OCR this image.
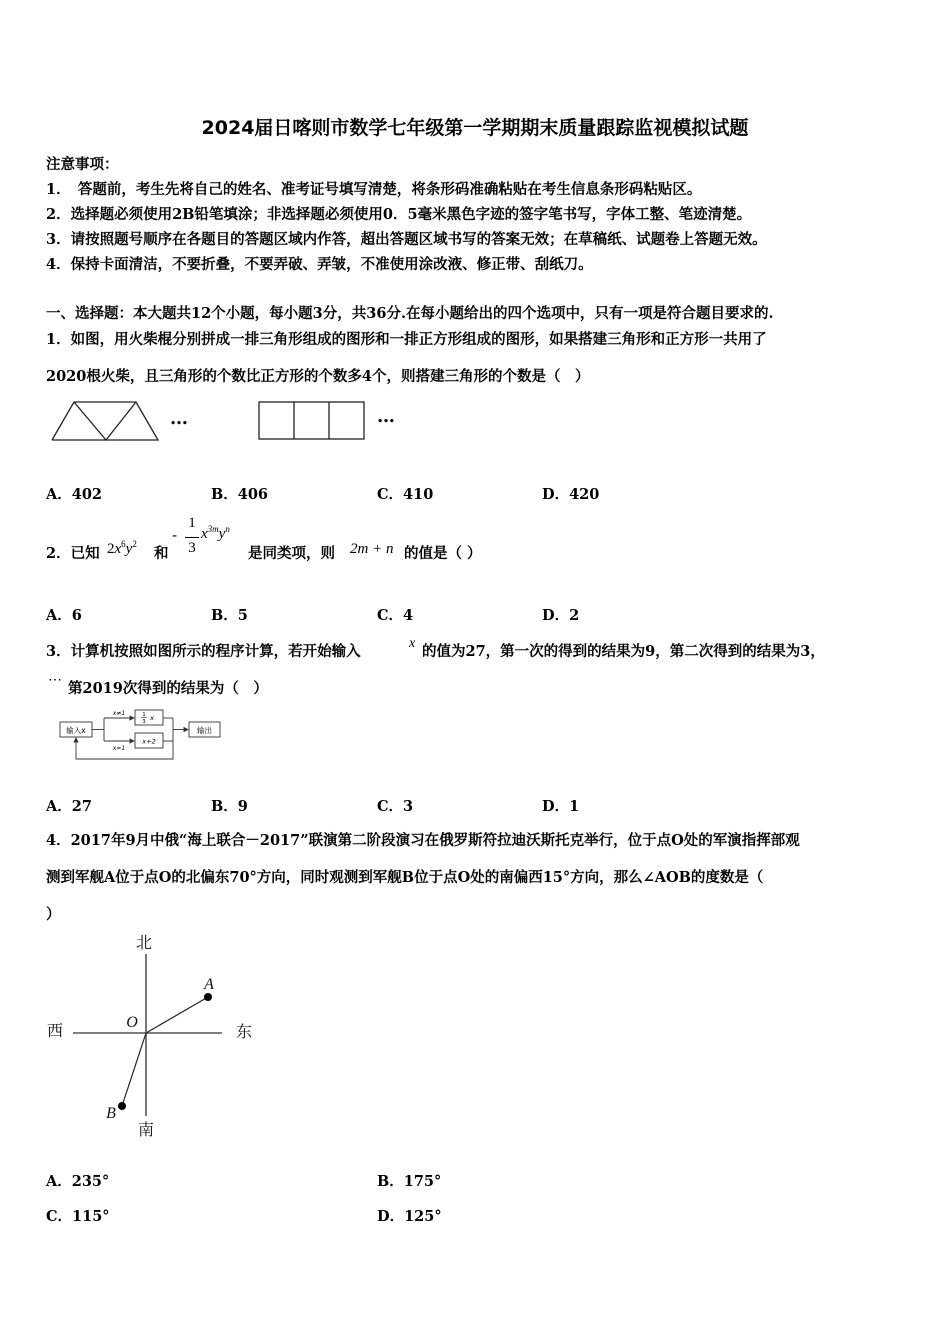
2024届日喀则市数学七年级第一学期期末质量跟踪监视模拟试题
注意事项：
1．　答题前，考生先将自己的姓名、准考证号填写清楚，将条形码准确粘贴在考生信息条形码粘贴区。
2．选择题必须使用2B铅笔填涂；非选择题必须使用0．5毫米黑色字迹的签字笔书写，字体工整、笔迹清楚。
3．请按照题号顺序在各题目的答题区域内作答，超出答题区域书写的答案无效；在草稿纸、试题卷上答题无效。
4．保持卡面清洁，不要折叠，不要弄破、弄皱，不准使用涂改液、修正带、刮纸刀。
一、选择题：本大题共12个小题，每小题3分，共36分.在每小题给出的四个选项中，只有一项是符合题目要求的.
1．如图，用火柴棍分别拼成一排三角形组成的图形和一排正方形组成的图形，如果搭建三角形和正方形一共用了
2020根火柴，且三角形的个数比正方形的个数多4个，则搭建三角形的个数是（　）
…	…
A．402	B．406	C．410	D．420
2．已知 $2x^6y^2$
和
-
1
3
$x^{3m}y^n$
是同类项，则 2m + n 的值是（ ）
A．6	B．5	C．4	D．2
3．计算机按照如图所示的程序计算，若开始输入	x 的值为27，第一次的得到的结果为9，第二次得到的结果为3，
⋯ 第2019次得到的结果为（　）
输入x
x≠1
x=1
1
3 x
x+2
输出
A．27	B．9	C．3	D．1
4．2017年9月中俄“海上联合－2017”联演第二阶段演习在俄罗斯符拉迪沃斯托克举行，位于点O处的军演指挥部观
测到军舰A位于点O的北偏东70°方向，同时观测到军舰B位于点O处的南偏西15°方向，那么∠AOB的度数是（
）
北
南
西	东
O
A
B
A．235°	B．175°
C．115°	D．125°
